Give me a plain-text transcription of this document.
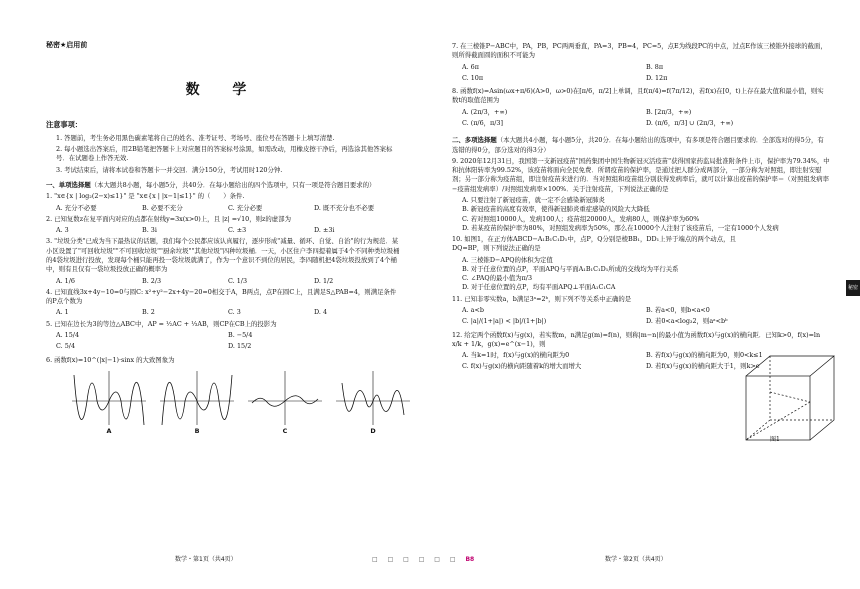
秘密★启用前
数 学
注意事项：
1. 答题前，考生务必用黑色碳素笔将自己的姓名、准考证号、考场号、座位号在答题卡上填写清楚.
2. 每小题选出答案后，用2B铅笔把答题卡上对应题目的答案标号涂黑，如需改动，用橡皮擦干净后，再选涂其他答案标号．在试题卷上作答无效.
3. 考试结束后，请将本试卷和答题卡一并交回．满分150分，考试用时120分钟.
一、单项选择题（本大题共8小题，每小题5分，共40分．在每小题给出的四个选项中，只有一项是符合题目要求的）
1. "x∈{x | log₂(2−x)≤1}" 是 "x∈{x | |x−1|≤1}" 的（　　）条件.
A. 充分不必要	B. 必要不充分	C. 充分必要	D. 既不充分也不必要
2. 已知复数z在复平面内对应的点都在射线y=3x(x>0)上，且 |z| =√10，则z的虚部为
A. 3	B. 3i	C. ±3	D. ±3i
3. "垃圾分类"已成为当下最热议的话题，我们每个公民都应该认真履行，逐步形成"减量、循环、自觉、自治"的行为规范．某小区设置了"可回收垃圾""不可回收垃圾""厨余垃圾""其他垃圾"四种垃圾桶．一天，小区住户李四提着属于4个不同种类垃圾桶的4袋垃圾进行投放，发现每个桶只能再投一袋垃圾就满了，作为一个意识不到位的居民，李四随机把4袋垃圾投放到了4个桶中，则有且仅有一袋垃圾投放正确的概率为
A. 1/6	B. 2/3	C. 1/3	D. 1/2
4. 已知直线3x+4y−10=0与圆C: x²+y²−2x+4y−20=0相交于A，B两点，点P在圆C上，且满足S△PAB=4，则满足条件的P点个数为
A. 1	B. 2	C. 3	D. 4
5. 已知在边长为3的等边△ABC中，AP = ½AC + ⅓AB，则CP在CB上的投影为
A. 15/4	B. −5/4
C. 5/4	D. 15/2
6. 函数f(x)=10^(|x|−1)·sinx 的大致图象为
A	B	C	D
数学・第1页（共4页）	□ □ □ □ □ □ B8
7. 在三棱锥P−ABC中，PA，PB，PC两两垂直，PA=3，PB=4，PC=5，点E为线段PC的中点，过点E作该三棱锥外接球的截面，则所得截面圆的面积不可能为
A. 6π	B. 8π
C. 10π	D. 12π
8. 函数f(x)=Asin(ωx+π/6)(A>0，ω>0)在[π/6，π/2]上单调，且f(π/4)=f(7π/12)，若f(x)在[0，t)上存在最大值和最小值，则实数t的取值范围为
A. (2π/3，+∞)	B. [2π/3，+∞)
C. (π/6，π/3]	D. (π/6，π/3] ∪ (2π/3，+∞)
二、多项选择题（本大题共4小题，每小题5分，共20分．在每小题给出的选项中，有多项是符合题目要求的．全部选对的得5分，有选错的得0分，部分选对的得3分）
9. 2020年12月31日，我国第一支新冠疫苗"国药集团中国生物新冠灭活疫苗"获得国家药监局批准附条件上市，保护率为79.34%，中和抗体阳转率为99.52%，该疫苗将面向全民免费．所谓疫苗的保护率，是通过把人群分成两部分，一部分称为对照组，即注射安慰剂；另一部分称为疫苗组，即注射疫苗来进行的．当对照组和疫苗组分别获得发病率后，就可以计算出疫苗的保护率＝（对照组发病率−疫苗组发病率）/对照组发病率×100%．关于注射疫苗，下列说法正确的是
A. 只要注射了新冠疫苗，就一定不会感染新冠肺炎
B. 新冠疫苗的高度有效率，使得新冠肺炎重症感染的风险大大降低
C. 若对照组10000人，发病100人；疫苗组20000人，发病80人，则保护率为60%
D. 若某疫苗的保护率为80%，对照组发病率为50%，那么在10000个人注射了该疫苗后，一定有1000个人发病
10. 如图1，在正方体ABCD−A₁B₁C₁D₁中，点P，Q分别是棱BB₁，DD₁上异于端点的两个动点，且DQ=BP，则下列说法正确的是
A. 三棱锥D−APQ的体积为定值
B. 对于任意位置的点P，平面APQ与平面A₁B₁C₁D₁所成的交线均为平行关系
C. ∠PAQ的最小值为π/3
D. 对于任意位置的点P，均有平面APQ⊥平面A₁C₁CA
11. 已知非零实数a，b满足3ᵃ=2ᵇ，则下列不等关系中正确的是
A. a<b	B. 若a<0，则b<a<0
C. |a|/(1+|a|) < |b|/(1+|b|)	D. 若0<a<log₃2，则aᵃ<bᵇ
12. 给定两个函数f(x)与g(x)，若实数m，n满足g(m)=f(n)，则称|m−n|的最小值为函数f(x)与g(x)的横向距．已知k>0，f(x)=ln x/k + 1/k，g(x)=e^(x−1)，则
A. 当k=1时，f(x)与g(x)的横向距为0	B. 若f(x)与g(x)的横向距为0，则0<k≤1
C. f(x)与g(x)的横向距随着k的增大而增大	D. 若f(x)与g(x)的横向距大于1，则k>e
图1
数学・第2页（共4页）
秘密
